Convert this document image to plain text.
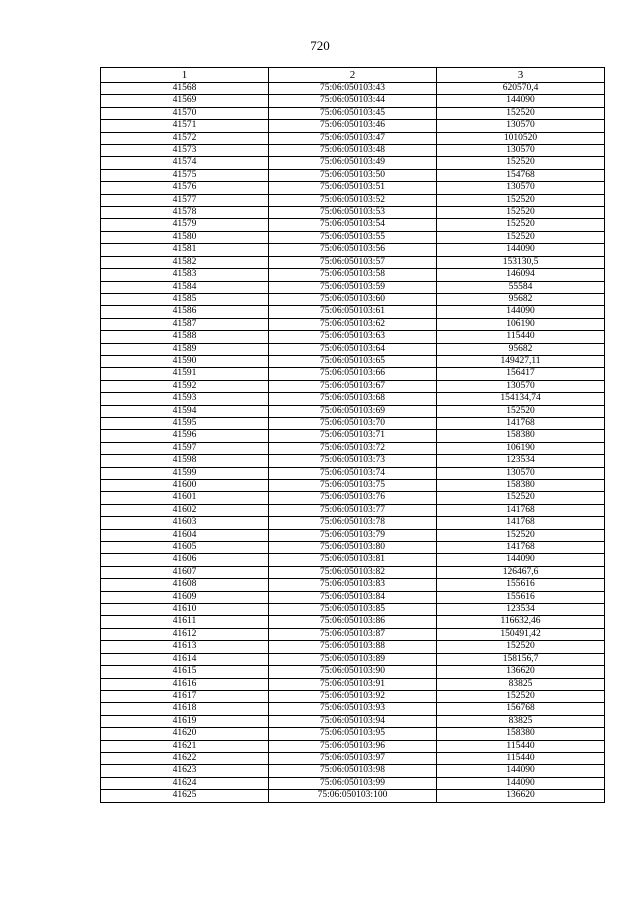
720
1	2	3
41568	75:06:050103:43	620570,4
41569	75:06:050103:44	144090
41570	75:06:050103:45	152520
41571	75:06:050103:46	130570
41572	75:06:050103:47	1010520
41573	75:06:050103:48	130570
41574	75:06:050103:49	152520
41575	75:06:050103:50	154768
41576	75:06:050103:51	130570
41577	75:06:050103:52	152520
41578	75:06:050103:53	152520
41579	75:06:050103:54	152520
41580	75:06:050103:55	152520
41581	75:06:050103:56	144090
41582	75:06:050103:57	153130,5
41583	75:06:050103:58	146094
41584	75:06:050103:59	55584
41585	75:06:050103:60	95682
41586	75:06:050103:61	144090
41587	75:06:050103:62	106190
41588	75:06:050103:63	115440
41589	75:06:050103:64	95682
41590	75:06:050103:65	149427,11
41591	75:06:050103:66	156417
41592	75:06:050103:67	130570
41593	75:06:050103:68	154134,74
41594	75:06:050103:69	152520
41595	75:06:050103:70	141768
41596	75:06:050103:71	158380
41597	75:06:050103:72	106190
41598	75:06:050103:73	123534
41599	75:06:050103:74	130570
41600	75:06:050103:75	158380
41601	75:06:050103:76	152520
41602	75:06:050103:77	141768
41603	75:06:050103:78	141768
41604	75:06:050103:79	152520
41605	75:06:050103:80	141768
41606	75:06:050103:81	144090
41607	75:06:050103:82	126467,6
41608	75:06:050103:83	155616
41609	75:06:050103:84	155616
41610	75:06:050103:85	123534
41611	75:06:050103:86	116632,46
41612	75:06:050103:87	150491,42
41613	75:06:050103:88	152520
41614	75:06:050103:89	158156,7
41615	75:06:050103:90	136620
41616	75:06:050103:91	83825
41617	75:06:050103:92	152520
41618	75:06:050103:93	156768
41619	75:06:050103:94	83825
41620	75:06:050103:95	158380
41621	75:06:050103:96	115440
41622	75:06:050103:97	115440
41623	75:06:050103:98	144090
41624	75:06:050103:99	144090
41625	75:06:050103:100	136620
